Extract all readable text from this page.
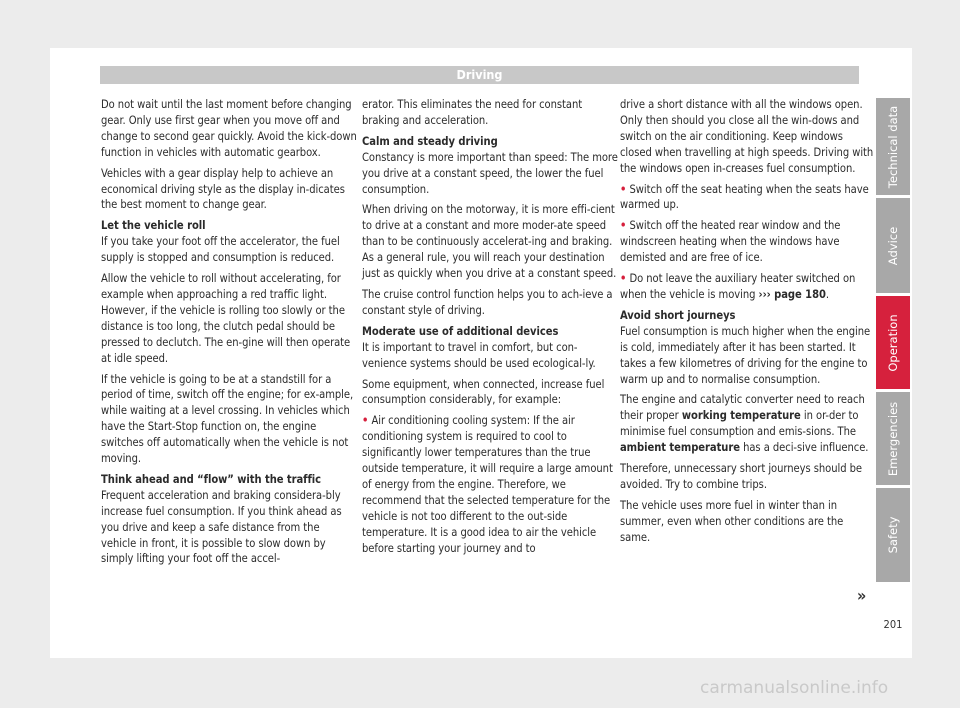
Driving

Do not wait until the last moment before changing gear. Only use first gear when you move off and change to second gear quickly. Avoid the kick-down function in vehicles with automatic gearbox.

Vehicles with a gear display help to achieve an economical driving style as the display in-dicates the best moment to change gear.

Let the vehicle roll

If you take your foot off the accelerator, the fuel supply is stopped and consumption is reduced.

Allow the vehicle to roll without accelerating, for example when approaching a red traffic light. However, if the vehicle is rolling too slowly or the distance is too long, the clutch pedal should be pressed to declutch. The en-gine will then operate at idle speed.

If the vehicle is going to be at a standstill for a period of time, switch off the engine; for ex-ample, while waiting at a level crossing. In vehicles which have the Start-Stop function on, the engine switches off automatically when the vehicle is not moving.

Think ahead and “flow” with the traffic

Frequent acceleration and braking considera-bly increase fuel consumption. If you think ahead as you drive and keep a safe distance from the vehicle in front, it is possible to slow down by simply lifting your foot off the accel-

erator. This eliminates the need for constant braking and acceleration.

Calm and steady driving

Constancy is more important than speed: The more you drive at a constant speed, the lower the fuel consumption.

When driving on the motorway, it is more effi-cient to drive at a constant and more moder-ate speed than to be continuously accelerat-ing and braking. As a general rule, you will reach your destination just as quickly when you drive at a constant speed.

The cruise control function helps you to ach-ieve a constant style of driving.

Moderate use of additional devices

It is important to travel in comfort, but con-venience systems should be used ecological-ly.

Some equipment, when connected, increase fuel consumption considerably, for example:

• Air conditioning cooling system: If the air conditioning system is required to cool to significantly lower temperatures than the true outside temperature, it will require a large amount of energy from the engine. Therefore, we recommend that the selected temperature for the vehicle is not too different to the out-side temperature. It is a good idea to air the vehicle before starting your journey and to

drive a short distance with all the windows open. Only then should you close all the win-dows and switch on the air conditioning. Keep windows closed when travelling at high speeds. Driving with the windows open in-creases fuel consumption.

• Switch off the seat heating when the seats have warmed up.

• Switch off the heated rear window and the windscreen heating when the windows have demisted and are free of ice.

• Do not leave the auxiliary heater switched on when the vehicle is moving ››› page 180.

Avoid short journeys

Fuel consumption is much higher when the engine is cold, immediately after it has been started. It takes a few kilometres of driving for the engine to warm up and to normalise consumption.

The engine and catalytic converter need to reach their proper working temperature in or-der to minimise fuel consumption and emis-sions. The ambient temperature has a deci-sive influence.

Therefore, unnecessary short journeys should be avoided. Try to combine trips.

The vehicle uses more fuel in winter than in summer, even when other conditions are the same.

»
Technical data
Advice
Operation
Emergencies
Safety
201
carmanualsonline.info
